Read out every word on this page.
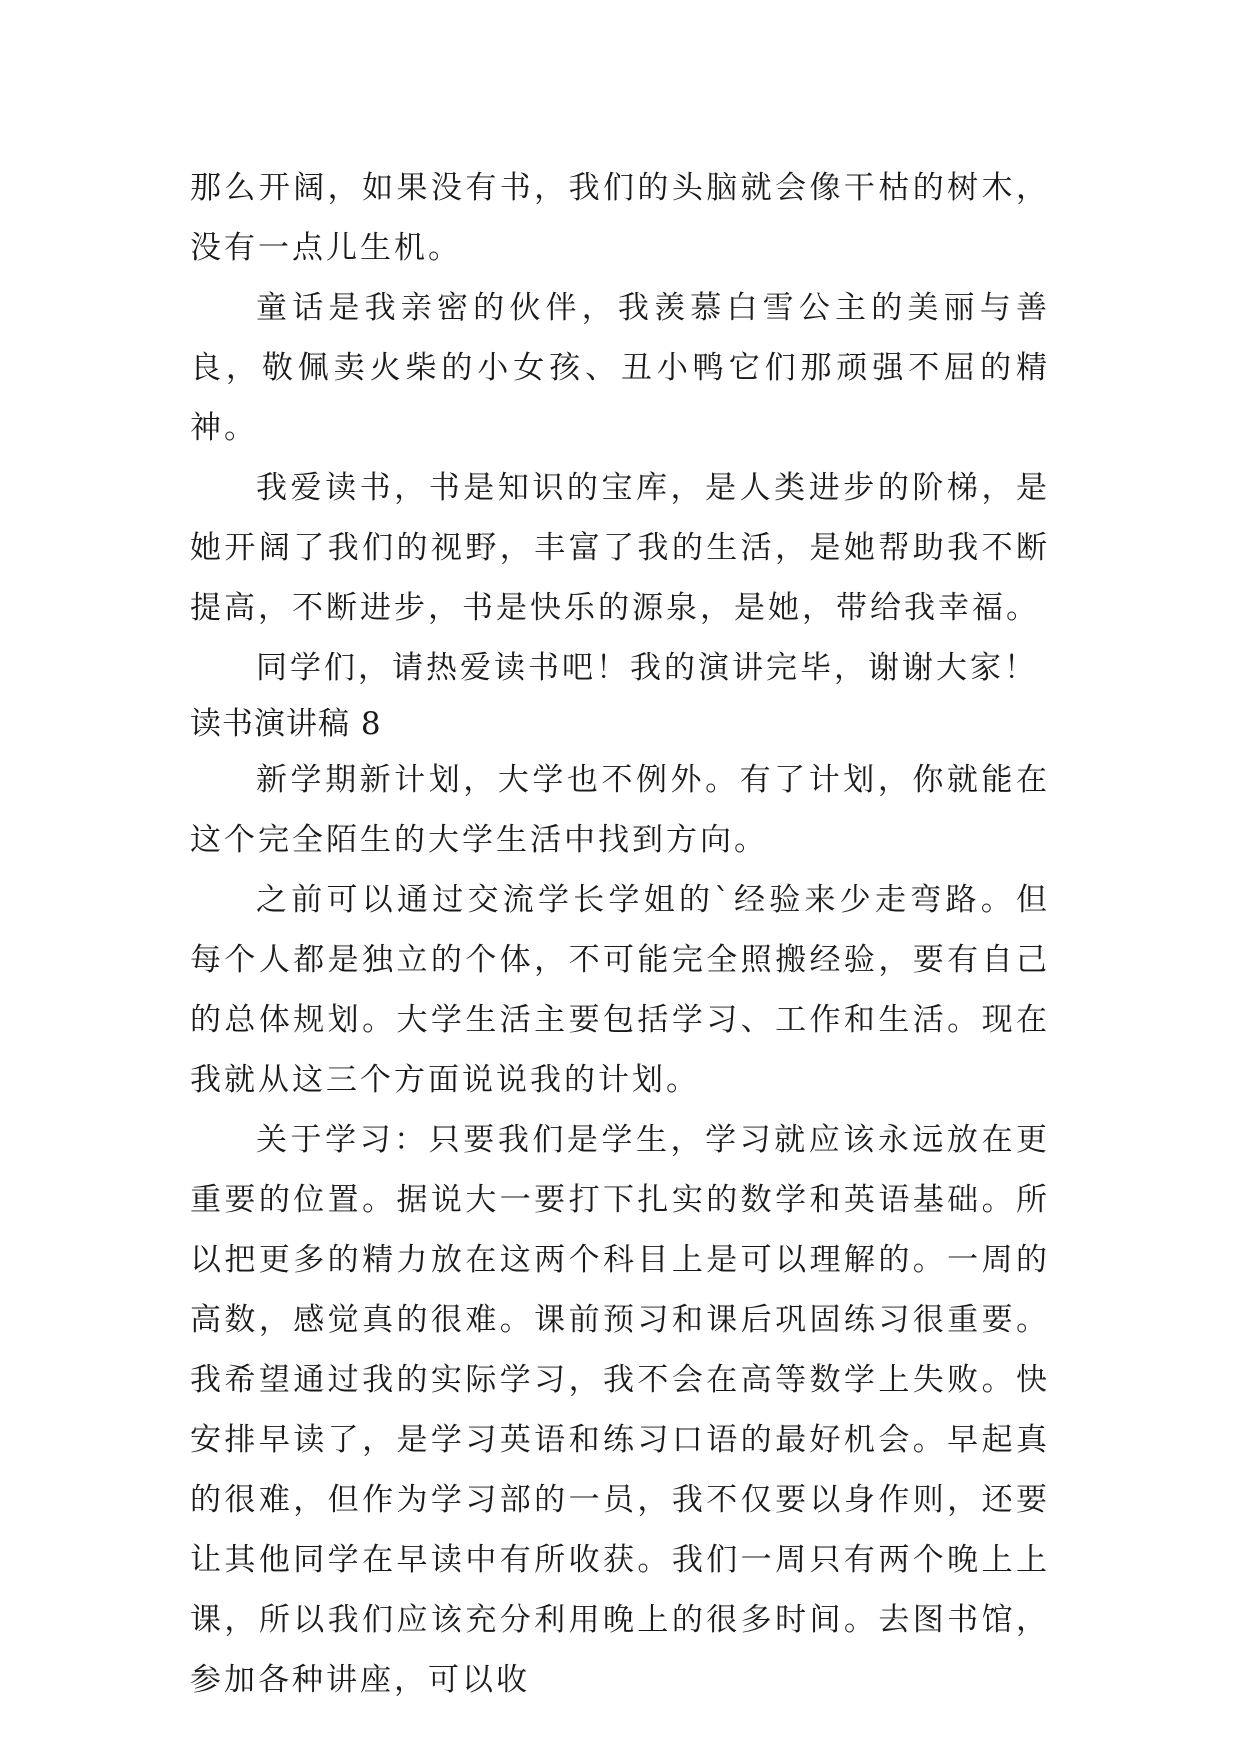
那么开阔，如果没有书，我们的头脑就会像干枯的树木，没有一点儿生机。

童话是我亲密的伙伴，我羡慕白雪公主的美丽与善良，敬佩卖火柴的小女孩、丑小鸭它们那顽强不屈的精神。

我爱读书，书是知识的宝库，是人类进步的阶梯，是她开阔了我们的视野，丰富了我的生活，是她帮助我不断提高，不断进步，书是快乐的源泉，是她，带给我幸福。

同学们，请热爱读书吧！我的演讲完毕，谢谢大家！

读书演讲稿 8

新学期新计划，大学也不例外。有了计划，你就能在这个完全陌生的大学生活中找到方向。

之前可以通过交流学长学姐的`经验来少走弯路。但每个人都是独立的个体，不可能完全照搬经验，要有自己的总体规划。大学生活主要包括学习、工作和生活。现在我就从这三个方面说说我的计划。

关于学习：只要我们是学生，学习就应该永远放在更重要的位置。据说大一要打下扎实的数学和英语基础。所以把更多的精力放在这两个科目上是可以理解的。一周的高数，感觉真的很难。课前预习和课后巩固练习很重要。我希望通过我的实际学习，我不会在高等数学上失败。快安排早读了，是学习英语和练习口语的最好机会。早起真的很难，但作为学习部的一员，我不仅要以身作则，还要让其他同学在早读中有所收获。我们一周只有两个晚上上课，所以我们应该充分利用晚上的很多时间。去图书馆，参加各种讲座，可以收
